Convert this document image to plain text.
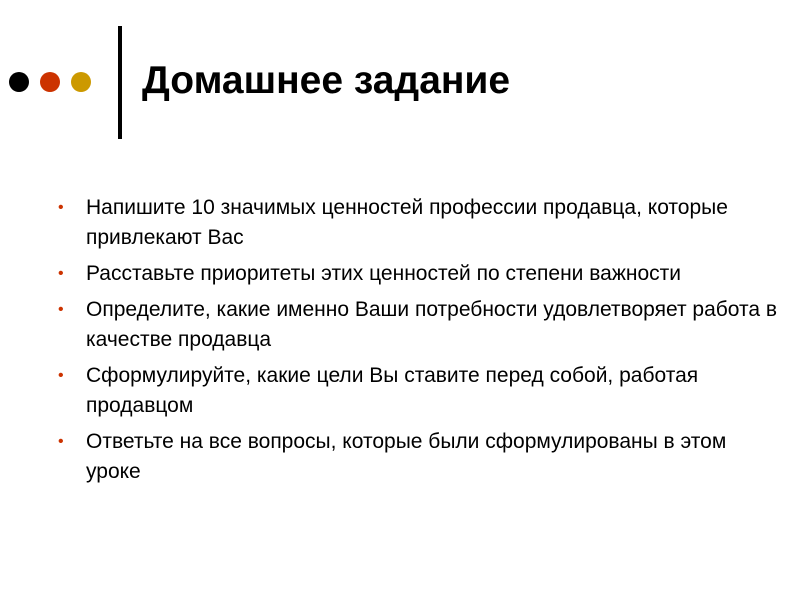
Домашнее задание
• Напишите 10 значимых ценностей профессии продавца, которые привлекают Вас
• Расставьте приоритеты этих ценностей по степени важности
• Определите, какие именно Ваши потребности удовлетворяет работа в качестве продавца
• Сформулируйте, какие цели Вы ставите перед собой, работая продавцом
• Ответьте на все вопросы, которые были сформулированы в этом уроке
